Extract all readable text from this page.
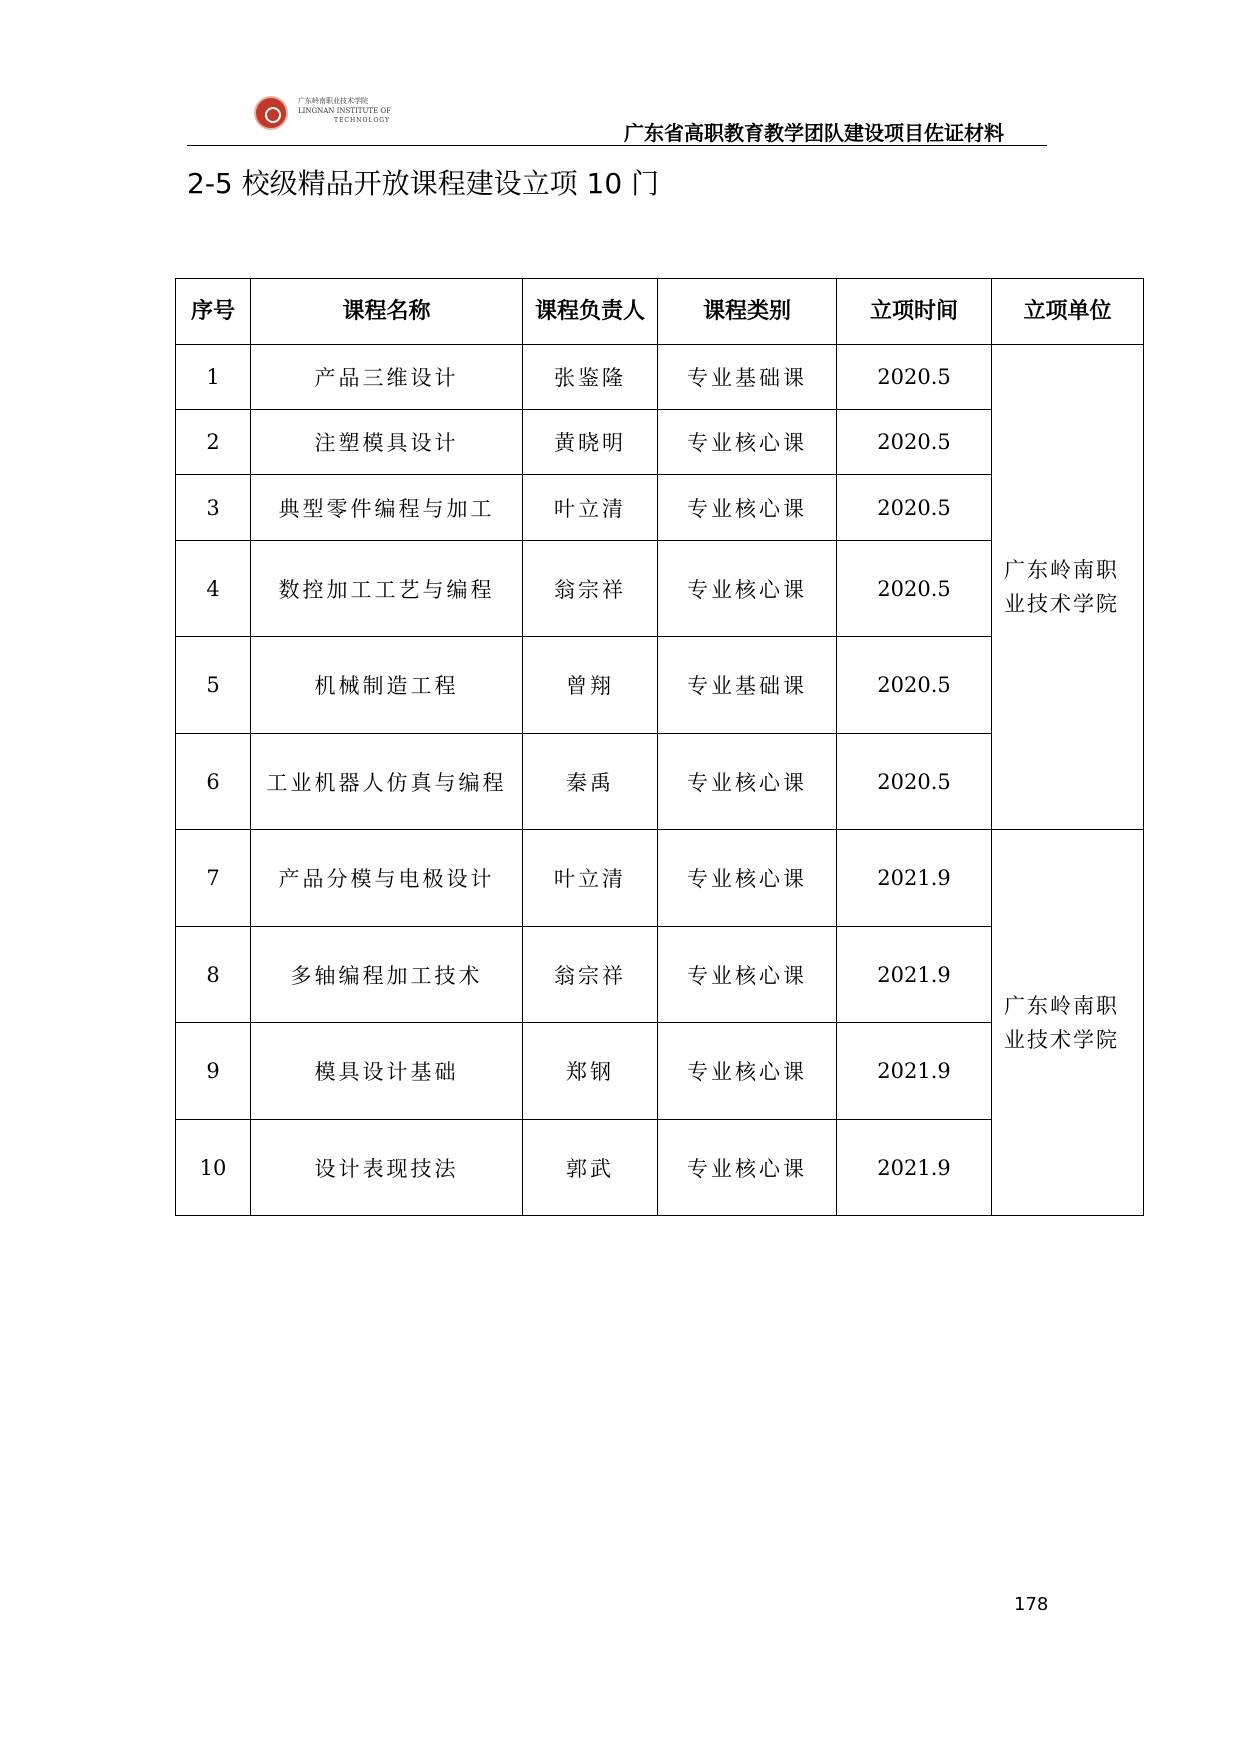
广东岭南职业技术学院
LINGNAN INSTITUTE OF
TECHNOLOGY
广东省高职教育教学团队建设项目佐证材料
2-5 校级精品开放课程建设立项 10 门
序号	课程名称	课程负责人	课程类别	立项时间	立项单位
1	产品三维设计	张鉴隆	专业基础课	2020.5	广东岭南职业技术学院
2	注塑模具设计	黄晓明	专业核心课	2020.5	
3	典型零件编程与加工	叶立清	专业核心课	2020.5	
4	数控加工工艺与编程	翁宗祥	专业核心课	2020.5	
5	机械制造工程	曾翔	专业基础课	2020.5	
6	工业机器人仿真与编程	秦禹	专业核心课	2020.5	
7	产品分模与电极设计	叶立清	专业核心课	2021.9	广东岭南职业技术学院
8	多轴编程加工技术	翁宗祥	专业核心课	2021.9	
9	模具设计基础	郑钢	专业核心课	2021.9	
10	设计表现技法	郭武	专业核心课	2021.9	
178
